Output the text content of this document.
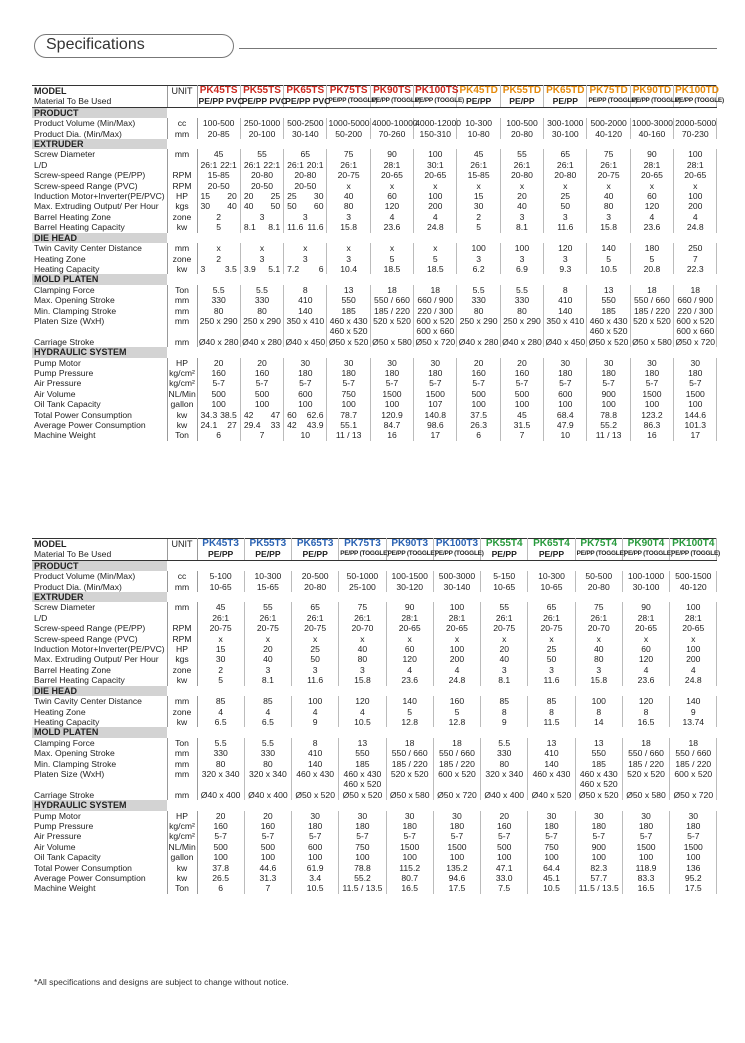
Specifications
MODEL	UNIT	PK45TS	PK55TS	PK65TS	PK75TS	PK90TS	PK100TS	PK45TD	PK55TD	PK65TD	PK75TD	PK90TD	PK100TD
Material To Be Used		PE/PP PVC	PE/PP PVC	PE/PP PVC	PE/PP (TOGGLE)	PE/PP (TOGGLE)	PE/PP (TOGGLE)	PE/PP	PE/PP	PE/PP	PE/PP (TOGGLE)	PE/PP (TOGGLE)	PE/PP (TOGGLE)
PRODUCT													
Product Volume (Min/Max)	cc	100-500	250-1000	500-2500	1000-5000	4000-10000	4000-12000	10-300	100-500	300-1000	500-2000	1000-3000	2000-5000
Product Dia. (Min/Max)	mm	20-85	20-100	30-140	50-200	70-260	150-310	10-80	20-80	30-100	40-120	40-160	70-230
EXTRUDER													
Screw Diameter	mm	45	55	65	75	90	100	45	55	65	75	90	100
L/D		26:1 22:1	26:1 22:1	26:1 20:1	26:1	28:1	30:1	26:1	26:1	26:1	26:1	28:1	28:1
Screw-speed Range (PE/PP)	RPM	15-85	20-80	20-80	20-75	20-65	20-65	15-85	20-80	20-80	20-75	20-65	20-65
Screw-speed Range (PVC)	RPM	20-50	20-50	20-50	x	x	x	x	x	x	x	x	x
Induction Motor+Inverter(PE/PVC)	HP	15 20	20 25	25 30	40	60	100	15	20	25	40	60	100
Max. Extruding Output/ Per Hour	kgs	30 40	40 50	50 60	80	120	200	30	40	50	80	120	200
Barrel Heating Zone	zone	2	3	3	3	4	4	2	3	3	3	4	4
Barrel Heating Capacity	kw	5	8.1 8.1	11.6 11.6	15.8	23.6	24.8	5	8.1	11.6	15.8	23.6	24.8
DIE HEAD													
Twin Cavity Center Distance	mm	x	x	x	x	x	x	100	100	120	140	180	250
Heating Zone	zone	2	3	3	3	5	5	3	3	3	5	5	7
Heating Capacity	kw	3 3.5	3.9 5.1	7.2 6	10.4	18.5	18.5	6.2	6.9	9.3	10.5	20.8	22.3
MOLD PLATEN													
Clamping Force	Ton	5.5	5.5	8	13	18	18	5.5	5.5	8	13	18	18
Max. Opening Stroke	mm	330	330	410	550	550 / 660	660 / 900	330	330	410	550	550 / 660	660 / 900
Min. Clamping Stroke	mm	80	80	140	185	185 / 220	220 / 300	80	80	140	185	185 / 220	220 / 300
Platen Size (WxH)	mm	250 x 290	250 x 290	350 x 410	460 x 430	520 x 520	600 x 520	250 x 290	250 x 290	350 x 410	460 x 430	520 x 520	600 x 520
					460 x 520		600 x 660				460 x 520		600 x 660
Carriage Stroke	mm	Ø40 x 280	Ø40 x 280	Ø40 x 450	Ø50 x 520	Ø50 x 580	Ø50 x 720	Ø40 x 280	Ø40 x 280	Ø40 x 450	Ø50 x 520	Ø50 x 580	Ø50 x 720
HYDRAULIC SYSTEM													
Pump Motor	HP	20	20	30	30	30	30	20	20	30	30	30	30
Pump Pressure	kg/cm²	160	160	180	180	180	180	160	160	180	180	180	180
Air Pressure	kg/cm²	5-7	5-7	5-7	5-7	5-7	5-7	5-7	5-7	5-7	5-7	5-7	5-7
Air Volume	NL/Min	500	500	600	750	1500	1500	500	500	600	900	1500	1500
Oil Tank Capacity	gallon	100	100	100	100	100	107	100	100	100	100	100	100
Total Power Consumption	kw	34.3 38.5	42 47	60 62.6	78.7	120.9	140.8	37.5	45	68.4	78.8	123.2	144.6
Average Power Consumption	kw	24.1 27	29.4 33	42 43.9	55.1	84.7	98.6	26.3	31.5	47.9	55.2	86.3	101.3
Machine Weight	Ton	6	7	10	11 / 13	16	17	6	7	10	11 / 13	16	17
MODEL	UNIT	PK45T3	PK55T3	PK65T3	PK75T3	PK90T3	PK100T3	PK55T4	PK65T4	PK75T4	PK90T4	PK100T4
Material To Be Used		PE/PP	PE/PP	PE/PP	PE/PP (TOGGLE)	PE/PP (TOGGLE)	PE/PP (TOGGLE)	PE/PP	PE/PP	PE/PP (TOGGLE)	PE/PP (TOGGLE)	PE/PP (TOGGLE)
PRODUCT												
Product Volume (Min/Max)	cc	5-100	10-300	20-500	50-1000	100-1500	500-3000	5-150	10-300	50-500	100-1000	500-1500
Product Dia. (Min/Max)	mm	10-65	15-65	20-80	25-100	30-120	30-140	10-65	10-65	20-80	30-100	40-120
EXTRUDER												
Screw Diameter	mm	45	55	65	75	90	100	55	65	75	90	100
L/D		26:1	26:1	26:1	26:1	28:1	28:1	26:1	26:1	26:1	28:1	28:1
Screw-speed Range (PE/PP)	RPM	20-75	20-75	20-75	20-70	20-65	20-65	20-75	20-75	20-70	20-65	20-65
Screw-speed Range (PVC)	RPM	x	x	x	x	x	x	x	x	x	x	x
Induction Motor+Inverter(PE/PVC)	HP	15	20	25	40	60	100	20	25	40	60	100
Max. Extruding Output/ Per Hour	kgs	30	40	50	80	120	200	40	50	80	120	200
Barrel Heating Zone	zone	2	3	3	3	4	4	3	3	3	4	4
Barrel Heating Capacity	kw	5	8.1	11.6	15.8	23.6	24.8	8.1	11.6	15.8	23.6	24.8
DIE HEAD												
Twin Cavity Center Distance	mm	85	85	100	120	140	160	85	85	100	120	140
Heating Zone	zone	4	4	4	4	5	5	8	8	8	8	9
Heating Capacity	kw	6.5	6.5	9	10.5	12.8	12.8	9	11.5	14	16.5	13.74
MOLD PLATEN												
Clamping Force	Ton	5.5	5.5	8	13	18	18	5.5	13	13	18	18
Max. Opening Stroke	mm	330	330	410	550	550 / 660	550 / 660	330	410	550	550 / 660	550 / 660
Min. Clamping Stroke	mm	80	80	140	185	185 / 220	185 / 220	80	140	185	185 / 220	185 / 220
Platen Size (WxH)	mm	320 x 340	320 x 340	460 x 430	460 x 430	520 x 520	600 x 520	320 x 340	460 x 430	460 x 430	520 x 520	600 x 520
					460 x 520					460 x 520		
Carriage Stroke	mm	Ø40 x 400	Ø40 x 400	Ø50 x 520	Ø50 x 520	Ø50 x 580	Ø50 x 720	Ø40 x 400	Ø40 x 520	Ø50 x 520	Ø50 x 580	Ø50 x 720
HYDRAULIC SYSTEM												
Pump Motor	HP	20	20	30	30	30	30	20	30	30	30	30
Pump Pressure	kg/cm²	160	160	180	180	180	180	160	180	180	180	180
Air Pressure	kg/cm²	5-7	5-7	5-7	5-7	5-7	5-7	5-7	5-7	5-7	5-7	5-7
Air Volume	NL/Min	500	500	600	750	1500	1500	500	750	900	1500	1500
Oil Tank Capacity	gallon	100	100	100	100	100	100	100	100	100	100	100
Total Power Consumption	kw	37.8	44.6	61.9	78.8	115.2	135.2	47.1	64.4	82.3	118.9	136
Average Power Consumption	kw	26.5	31.3	3.4	55.2	80.7	94.6	33.0	45.1	57.7	83.3	95.2
Machine Weight	Ton	6	7	10.5	11.5 / 13.5	16.5	17.5	7.5	10.5	11.5 / 13.5	16.5	17.5
*All specifications and designs are subject to change without notice.
